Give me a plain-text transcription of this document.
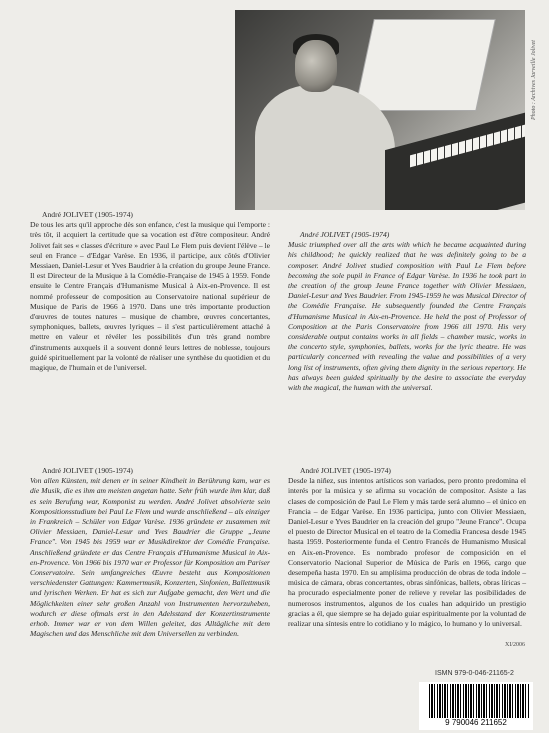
Photo : Archives Jarveille Jolivet

André JOLIVET (1905-1974)
De tous les arts qu'il approche dès son enfance, c'est la musique qui l'emporte : très tôt, il acquiert la certitude que sa vocation est d'être compositeur. André Jolivet fait ses « classes d'écriture » avec Paul Le Flem puis devient l'élève – le seul en France – d'Edgar Varèse. En 1936, il participe, aux côtés d'Olivier Messiaen, Daniel-Lesur et Yves Baudrier à la création du groupe Jeune France. Il est Directeur de la Musique à la Comédie-Française de 1945 à 1959. Fonde ensuite le Centre Français d'Humanisme Musical à Aix-en-Provence. Il est nommé professeur de composition au Conservatoire national supérieur de Musique de Paris de 1966 à 1970. Dans une très importante production d'œuvres de toutes natures – musique de chambre, œuvres concertantes, symphoniques, ballets, œuvres lyriques – il s'est particulièrement attaché à mettre en valeur et révéler les possibilités d'un très grand nombre d'instruments auxquels il a souvent donné leurs lettres de noblesse, toujours guidé spirituellement par la volonté de réaliser une synthèse du quotidien et du magique, de l'humain et de l'universel.

André JOLIVET (1905-1974)
Music triumphed over all the arts with which he became acquainted during his childhood; he quickly realized that he was definitely going to be a composer. André Jolivet studied composition with Paul Le Flem before becoming the sole pupil in France of Edgar Varèse. In 1936 he took part in the creation of the group Jeune France together with Olivier Messiaen, Daniel-Lesur and Yves Baudrier. From 1945-1959 he was Musical Director of the Comédie Française. He subsequently founded the Centre Français d'Humanisme Musical in Aix-en-Provence. He held the post of Professor of Composition at the Paris Conservatoire from 1966 till 1970. His very considerable output contains works in all fields – chamber music, works in the concerto style, symphonies, ballets, works for the lyric theatre. He was particularly concerned with revealing the value and possibilities of a very long list of instruments, often giving them dignity in the serious repertory. He has always been guided spiritually by the desire to associate the everyday with the magical, the human with the universal.

André JOLIVET (1905-1974)
Von allen Künsten, mit denen er in seiner Kindheit in Berührung kam, war es die Musik, die es ihm am meisten angetan hatte. Sehr früh wurde ihm klar, daß es sein Berufung war, Komponist zu werden. André Jolivet absolvierte sein Kompositionsstudium bei Paul Le Flem und wurde anschließend – als einziger in Frankreich – Schüler von Edgar Varèse. 1936 gründete er zusammen mit Olivier Messiaen, Daniel-Lesur und Yves Baudrier die Gruppe „Jeune France". Von 1945 bis 1959 war er Musikdirektor der Comédie Française. Anschließend gründete er das Centre Français d'Humanisme Musical in Aix-en-Provence. Von 1966 bis 1970 war er Professor für Komposition am Pariser Conservatoire. Sein umfangreiches Œuvre besteht aus Kompositionen verschiedenster Gattungen: Kammermusik, Konzerten, Sinfonien, Ballettmusik und lyrischen Werken. Er hat es sich zur Aufgabe gemacht, den Wert und die Möglichkeiten einer sehr großen Anzahl von Instrumenten hervorzuheben, wodurch er diese oftmals erst in den Adelsstand der Konzertinstrumente erhob. Immer war er von dem Willen geleitet, das Alltägliche mit dem Magischen und das Menschliche mit dem Universellen zu verbinden.

André JOLIVET (1905-1974)
Desde la niñez, sus intentos artísticos son variados, pero pronto predomina el interés por la música y se afirma su vocación de compositor. Asiste a las clases de composición de Paul Le Flem y más tarde será alumno – el único en Francia – de Edgar Varèse. En 1936 participa, junto con Olivier Messiaen, Daniel-Lesur e Yves Baudrier en la creación del grupo "Jeune France". Ocupa el puesto de Director Musical en el teatro de la Comedia Francesa desde 1945 hasta 1959. Posteriormente funda el Centro Francés de Humanismo Musical en Aix-en-Provence. Es nombrado profesor de composición en el Conservatorio Nacional Superior de Música de París en 1966, cargo que desempeña hasta 1970. En su amplísima producción de obras de toda índole – música de cámara, obras concertantes, obras sinfónicas, ballets, obras líricas – ha procurado especialmente poner de relieve y revelar las posibilidades de numerosos instrumentos, algunos de los cuales han adquirido un prestigio gracias a él, que siempre se ha dejado guiar espiritualmente por la voluntad de realizar una síntesis entre lo cotidiano y lo mágico, lo humano y lo universal.

XI/2006
ISMN 979-0-046-21165-2
9 790046 211652
